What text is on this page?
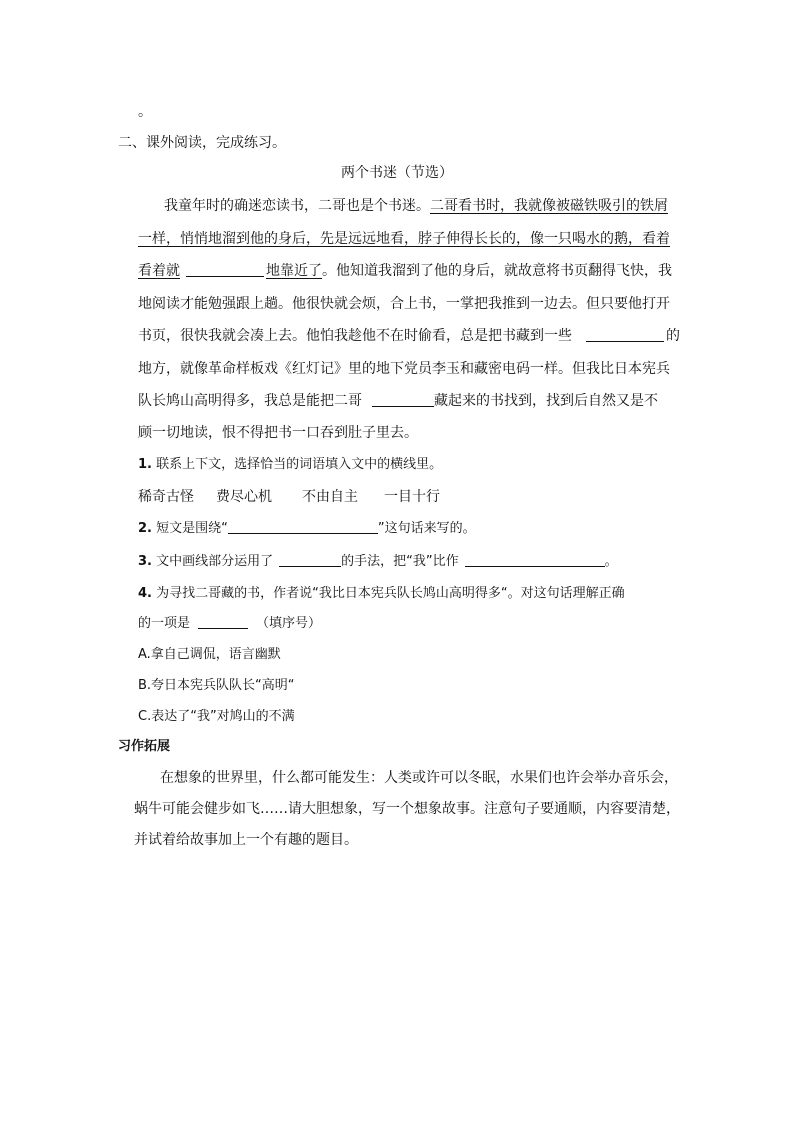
。
二、课外阅读，完成练习。
两个书迷（节选）
我童年时的确迷恋读书，二哥也是个书迷。二哥看书时，我就像被磁铁吸引的铁屑
一样，悄悄地溜到他的身后，先是远远地看，脖子伸得长长的，像一只喝水的鹅，看着
看着就	地靠近了。他知道我溜到了他的身后，就故意将书页翻得飞快，我
地阅读才能勉强跟上趟。他很快就会烦，合上书，一掌把我推到一边去。但只要他打开
书页，很快我就会凑上去。他怕我趁他不在时偷看，总是把书藏到一些	的
地方，就像革命样板戏《红灯记》里的地下党员李玉和藏密电码一样。但我比日本宪兵
队长鸠山高明得多，我总是能把二哥	藏起来的书找到，找到后自然又是不
顾一切地读，恨不得把书一口吞到肚子里去。
1. 联系上下文，选择恰当的词语填入文中的横线里。
稀奇古怪 费尽心机 不由自主 一目十行
2. 短文是围绕“	”这句话来写的。
3. 文中画线部分运用了	的手法，把“我”比作	。
4. 为寻找二哥藏的书，作者说“我比日本宪兵队长鸠山高明得多“。对这句话理解正确
的一项是	（填序号）
A.拿自己调侃，语言幽默
B.夸日本宪兵队队长“高明“
C.表达了“我”对鸠山的不满
习作拓展
在想象的世界里，什么都可能发生：人类或许可以冬眠，水果们也许会举办音乐会，
蜗牛可能会健步如飞……请大胆想象，写一个想象故事。注意句子要通顺，内容要清楚，
并试着给故事加上一个有趣的题目。
